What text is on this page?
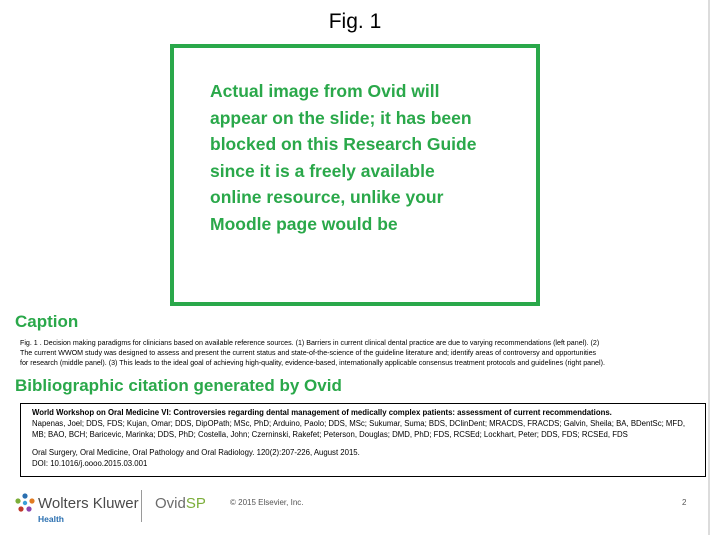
Fig. 1
Actual image from Ovid will
appear on the slide; it has been
blocked on this Research Guide
since it is a freely available
online resource, unlike your
Moodle page would be
Caption
Fig. 1 . Decision making paradigms for clinicians based on available reference sources. (1) Barriers in current clinical dental practice are due to varying recommendations (left panel). (2)
The current WWOM study was designed to assess and present the current status and state-of-the-science of the guideline literature and; identify areas of controversy and opportunities
for research (middle panel). (3) This leads to the ideal goal of achieving high-quality, evidence-based, internationally applicable consensus treatment protocols and guidelines (right panel).
Bibliographic citation generated by Ovid
World Workshop on Oral Medicine VI: Controversies regarding dental management of medically complex patients: assessment of current recommendations.
Napenas, Joel; DDS, FDS; Kujan, Omar; DDS, DipOPath; MSc, PhD; Arduino, Paolo; DDS, MSc; Sukumar, Suma; BDS, DClinDent; MRACDS, FRACDS; Galvin, Sheila; BA, BDentSc; MFD,
MB; BAO, BCH; Baricevic, Marinka; DDS, PhD; Costella, John; Czerninski, Rakefet; Peterson, Douglas; DMD, PhD; FDS, RCSEd; Lockhart, Peter; DDS, FDS; RCSEd, FDS
Oral Surgery, Oral Medicine, Oral Pathology and Oral Radiology. 120(2):207-226, August 2015.
DOI: 10.1016/j.oooo.2015.03.001
Wolters Kluwer
Health
OvidSP	© 2015 Elsevier, Inc.	2
